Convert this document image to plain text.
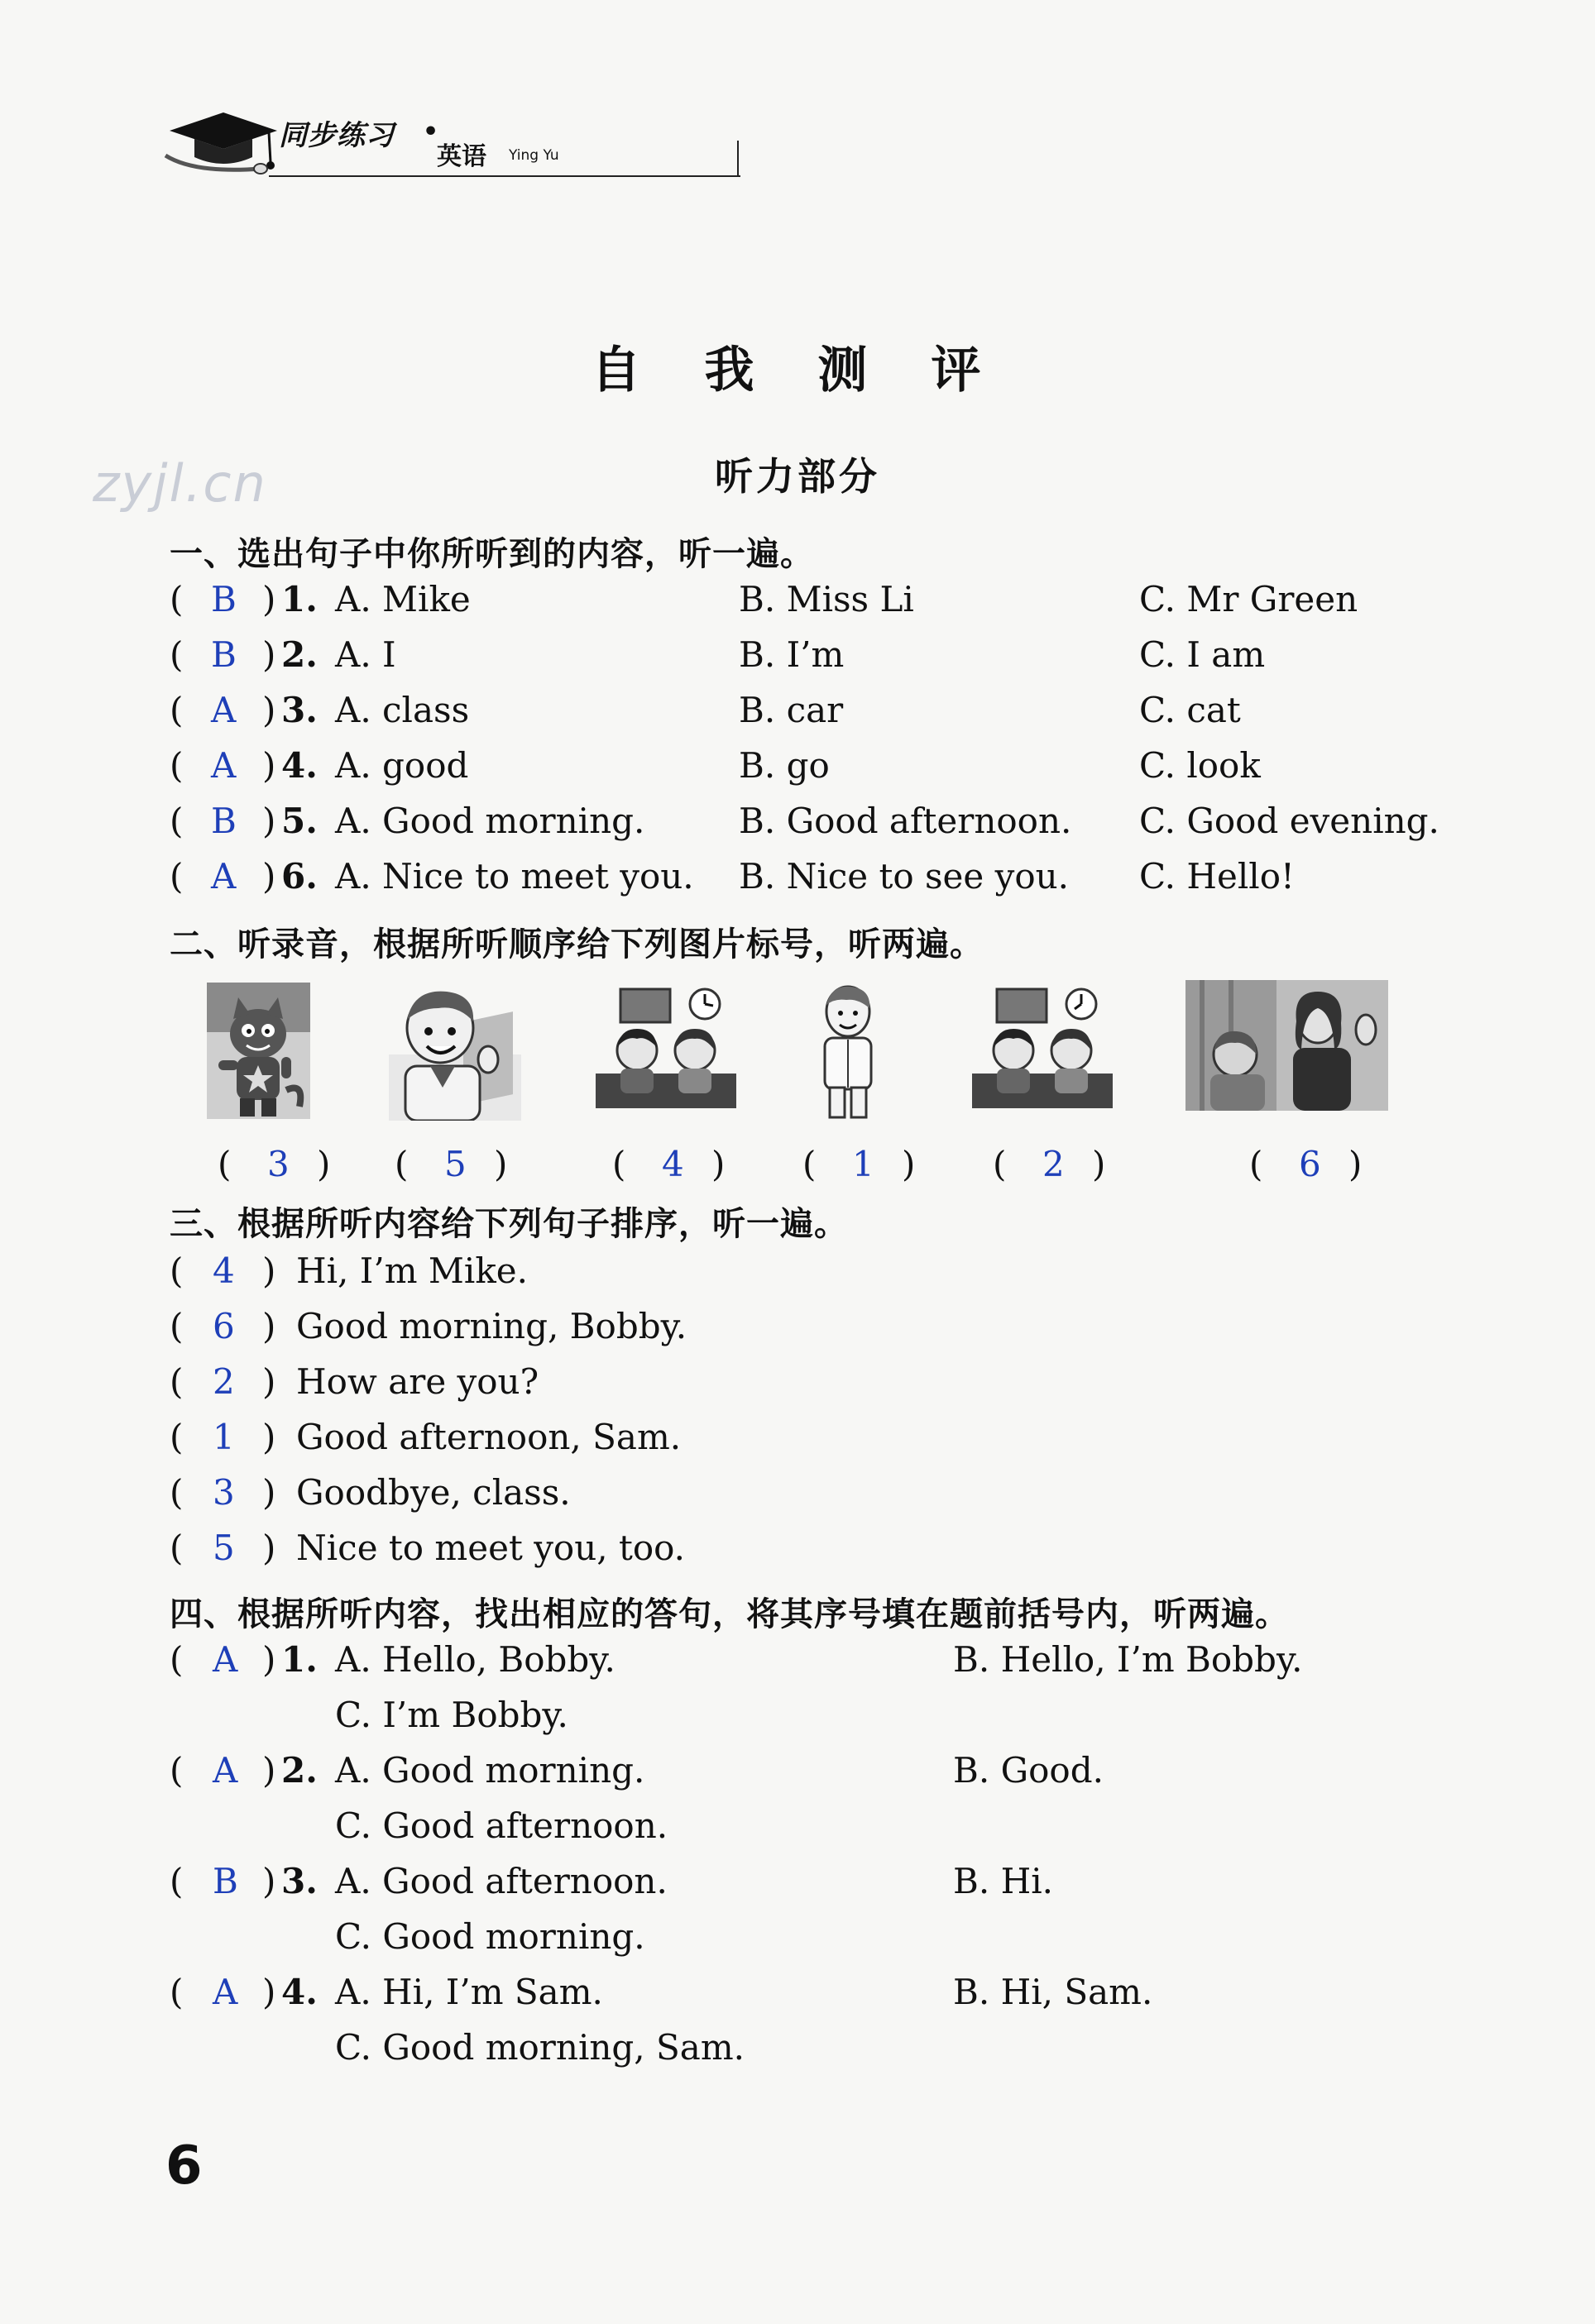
同步练习 •
英语 Ying Yu
自 我 测 评
听力部分
zyjl.cn
一、选出句子中你所听到的内容，听一遍。
( B ) 1. A. Mike	B. Miss Li	C. Mr Green
( B ) 2. A. I	B. I’m	C. I am
( A ) 3. A. class	B. car	C. cat
( A ) 4. A. good	B. go	C. look
( B ) 5. A. Good morning.	B. Good afternoon. C. Good evening.
( A ) 6. A. Nice to meet you. B. Nice to see you. C. Hello!
二、听录音，根据所听顺序给下列图片标号，听两遍。
( 3 ) ( 5 )	( 4 ) ( 1 ) ( 2 )	( 6 )
三、根据所听内容给下列句子排序，听一遍。
( 4 ) Hi, I’m Mike.
( 6 ) Good morning, Bobby.
( 2 ) How are you?
( 1 ) Good afternoon, Sam.
( 3 ) Goodbye, class.
( 5 ) Nice to meet you, too.
四、根据所听内容，找出相应的答句，将其序号填在题前括号内，听两遍。
( A ) 1. A. Hello, Bobby.	B. Hello, I’m Bobby.
C. I’m Bobby.
( A ) 2. A. Good morning.	B. Good.
C. Good afternoon.
( B ) 3. A. Good afternoon.	B. Hi.
C. Good morning.
( A ) 4. A. Hi, I’m Sam.	B. Hi, Sam.
C. Good morning, Sam.
6
